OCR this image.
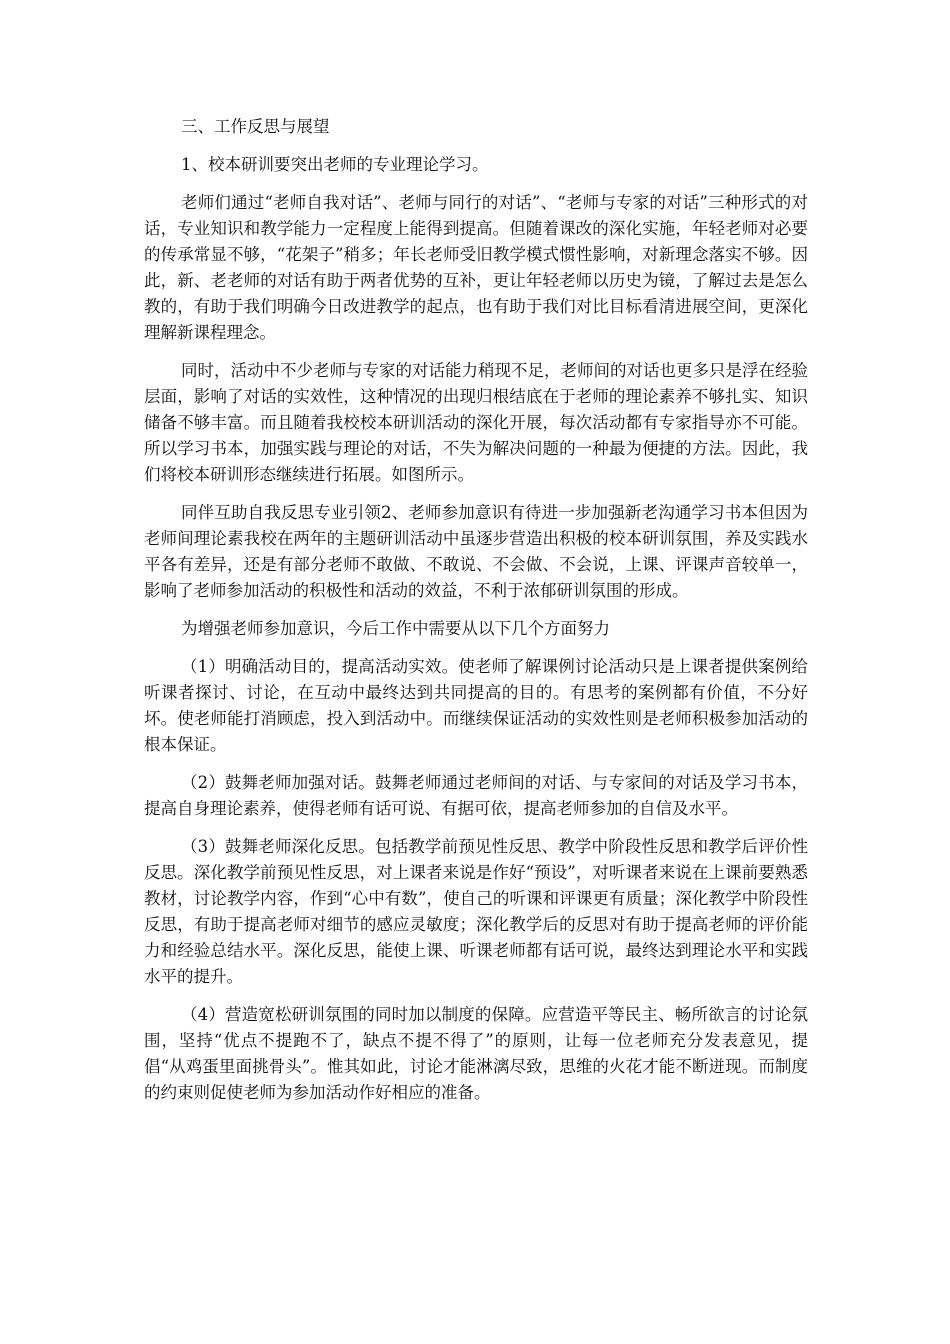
三、工作反思与展望

1、校本研训要突出老师的专业理论学习。

老师们通过“老师自我对话”、老师与同行的对话”、“老师与专家的对话”三种形式的对话，专业知识和教学能力一定程度上能得到提高。但随着课改的深化实施，年轻老师对必要的传承常显不够，“花架子”稍多；年长老师受旧教学模式惯性影响，对新理念落实不够。因此，新、老老师的对话有助于两者优势的互补，更让年轻老师以历史为镜，了解过去是怎么教的，有助于我们明确今日改进教学的起点，也有助于我们对比目标看清进展空间，更深化理解新课程理念。

同时，活动中不少老师与专家的对话能力稍现不足，老师间的对话也更多只是浮在经验层面，影响了对话的实效性，这种情况的出现归根结底在于老师的理论素养不够扎实、知识储备不够丰富。而且随着我校校本研训活动的深化开展，每次活动都有专家指导亦不可能。所以学习书本，加强实践与理论的对话，不失为解决问题的一种最为便捷的方法。因此，我们将校本研训形态继续进行拓展。如图所示。

同伴互助自我反思专业引领2、老师参加意识有待进一步加强新老沟通学习书本但因为老师间理论素我校在两年的主题研训活动中虽逐步营造出积极的校本研训氛围，养及实践水平各有差异，还是有部分老师不敢做、不敢说、不会做、不会说，上课、评课声音较单一，影响了老师参加活动的积极性和活动的效益，不利于浓郁研训氛围的形成。

为增强老师参加意识，今后工作中需要从以下几个方面努力

（1）明确活动目的，提高活动实效。使老师了解课例讨论活动只是上课者提供案例给听课者探讨、讨论，在互动中最终达到共同提高的目的。有思考的案例都有价值，不分好坏。使老师能打消顾虑，投入到活动中。而继续保证活动的实效性则是老师积极参加活动的根本保证。

（2）鼓舞老师加强对话。鼓舞老师通过老师间的对话、与专家间的对话及学习书本，提高自身理论素养，使得老师有话可说、有据可依，提高老师参加的自信及水平。

（3）鼓舞老师深化反思。包括教学前预见性反思、教学中阶段性反思和教学后评价性反思。深化教学前预见性反思，对上课者来说是作好“预设”，对听课者来说在上课前要熟悉教材，讨论教学内容，作到“心中有数”，使自己的听课和评课更有质量；深化教学中阶段性反思，有助于提高老师对细节的感应灵敏度；深化教学后的反思对有助于提高老师的评价能力和经验总结水平。深化反思，能使上课、听课老师都有话可说，最终达到理论水平和实践水平的提升。

（4）营造宽松研训氛围的同时加以制度的保障。应营造平等民主、畅所欲言的讨论氛围，坚持“优点不提跑不了，缺点不提不得了”的原则，让每一位老师充分发表意见，提倡“从鸡蛋里面挑骨头”。惟其如此，讨论才能淋漓尽致，思维的火花才能不断迸现。而制度的约束则促使老师为参加活动作好相应的准备。
